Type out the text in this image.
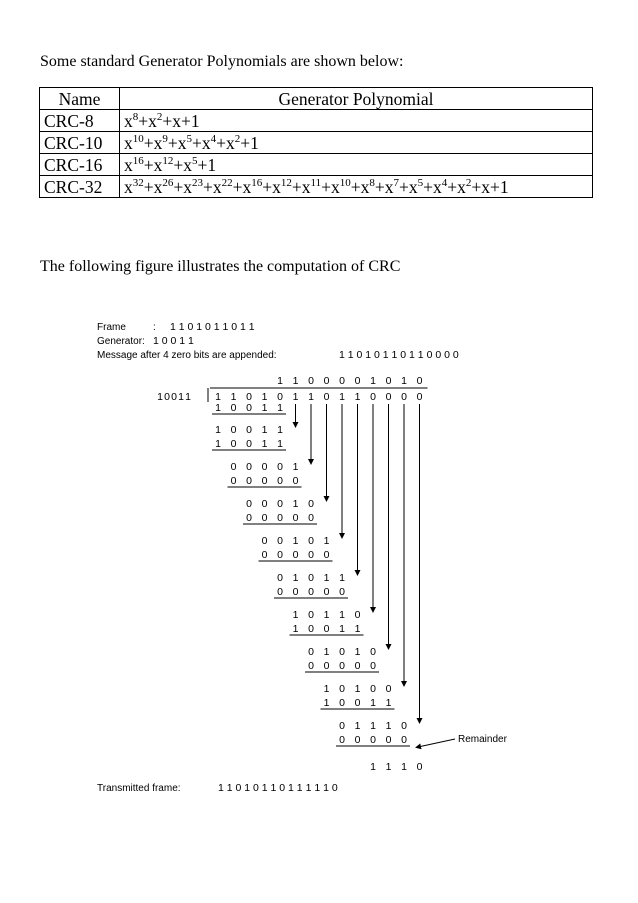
Some standard Generator Polynomials are shown below:
Name	Generator Polynomial
CRC-8	$x^8+x^2+x+1$
CRC-10	$x^{10}+x^9+x^5+x^4+x^2+1$
CRC-16	$x^{16}+x^{12}+x^5+1$
CRC-32	$x^{32}+x^{26}+x^{23}+x^{22}+x^{16}+x^{12}+x^{11}+x^{10}+x^8+x^7+x^5+x^4+x^2+x+1$
The following figure illustrates the computation of CRC
Frame	: 1 1 0 1 0 1 1 0 1 1
Generator: 1 0 0 1 1
Message after 4 zero bits are appended:	1 1 0 1 0 1 1 0 1 1 0 0 0 0
1 1 0 0 0 0 1 0 1 0
1 0 0 1 1 1 1 0 1 0 1 1 0 1 1 0 0 0 0
1 0 0 1 1
1 0 0 1 1
1 0 0 1 1
0 0 0 0 1
0 0 0 0 0
0 0 0 1 0
0 0 0 0 0
0 0 1 0 1
0 0 0 0 0
0 1 0 1 1
0 0 0 0 0
1 0 1 1 0
1 0 0 1 1
0 1 0 1 0
0 0 0 0 0
1 0 1 0 0
1 0 0 1 1
0 1 1 1 0
0 0 0 0 0
1 1 1 0
Remainder
Transmitted frame:	1 1 0 1 0 1 1 0 1 1 1 1 1 0
